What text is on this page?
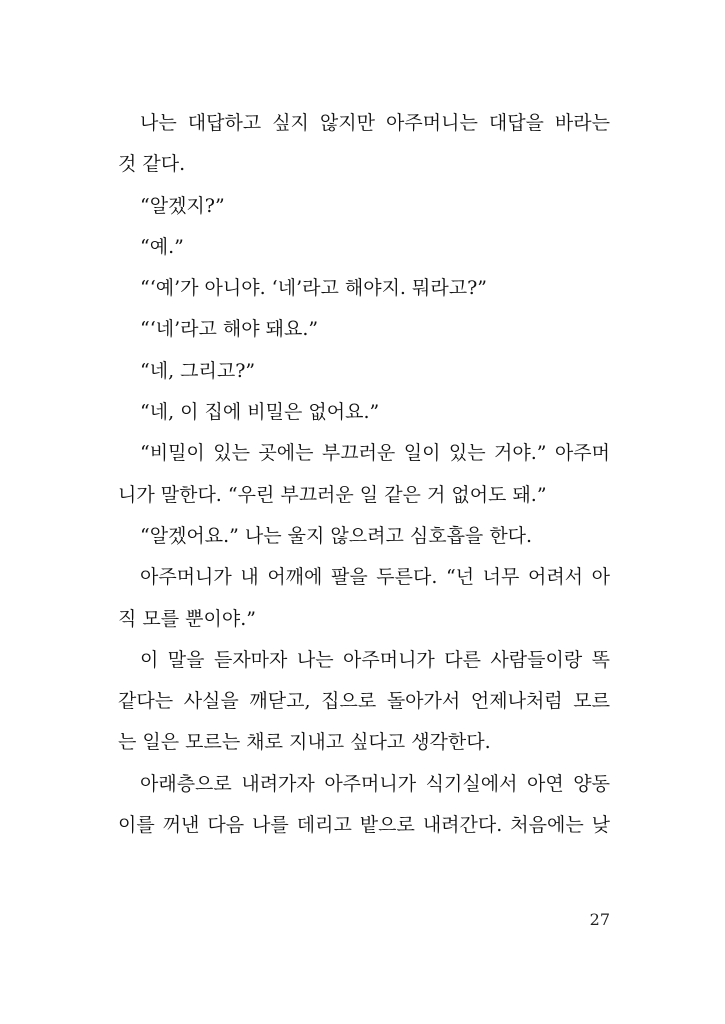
나는 대답하고 싶지 않지만 아주머니는 대답을 바라는
것 같다.
“알겠지?”
“예.”
“‘예’가 아니야. ‘네’라고 해야지. 뭐라고?”
“‘네’라고 해야 돼요.”
“네, 그리고?”
“네, 이 집에 비밀은 없어요.”
“비밀이 있는 곳에는 부끄러운 일이 있는 거야.” 아주머
니가 말한다. “우린 부끄러운 일 같은 거 없어도 돼.”
“알겠어요.” 나는 울지 않으려고 심호흡을 한다.
아주머니가 내 어깨에 팔을 두른다. “넌 너무 어려서 아
직 모를 뿐이야.”
이 말을 듣자마자 나는 아주머니가 다른 사람들이랑 똑
같다는 사실을 깨닫고, 집으로 돌아가서 언제나처럼 모르
는 일은 모르는 채로 지내고 싶다고 생각한다.
아래층으로 내려가자 아주머니가 식기실에서 아연 양동
이를 꺼낸 다음 나를 데리고 밭으로 내려간다. 처음에는 낮
27
